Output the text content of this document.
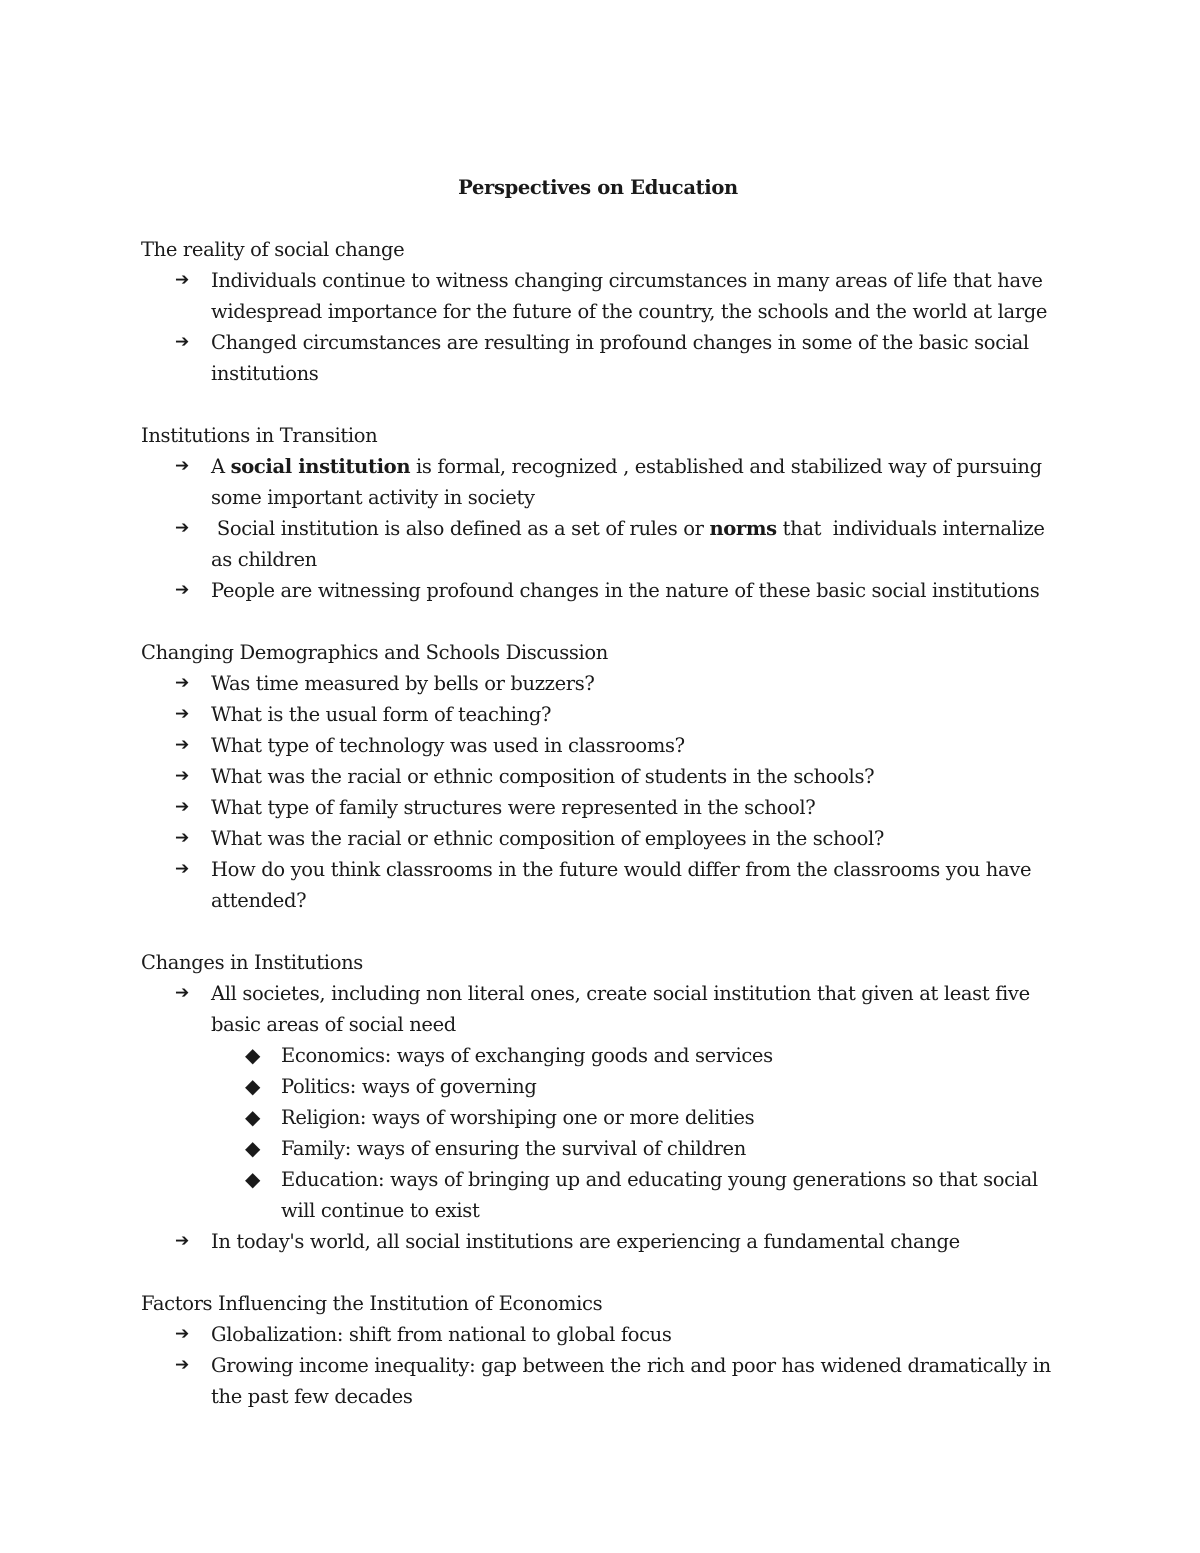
Perspectives on Education
The reality of social change
➔ Individuals continue to witness changing circumstances in many areas of life that have widespread importance for the future of the country, the schools and the world at large
➔ Changed circumstances are resulting in profound changes in some of the basic social institutions
Institutions in Transition
➔ A social institution is formal, recognized , established and stabilized way of pursuing some important activity in society
➔ Social institution is also defined as a set of rules or norms that  individuals internalize as children
➔ People are witnessing profound changes in the nature of these basic social institutions
Changing Demographics and Schools Discussion
➔ Was time measured by bells or buzzers?
➔ What is the usual form of teaching?
➔ What type of technology was used in classrooms?
➔ What was the racial or ethnic composition of students in the schools?
➔ What type of family structures were represented in the school?
➔ What was the racial or ethnic composition of employees in the school?
➔ How do you think classrooms in the future would differ from the classrooms you have attended?
Changes in Institutions
➔ All societes, including non literal ones, create social institution that given at least five basic areas of social need
◆ Economics: ways of exchanging goods and services
◆ Politics: ways of governing
◆ Religion: ways of worshiping one or more delities
◆ Family: ways of ensuring the survival of children
◆ Education: ways of bringing up and educating young generations so that social will continue to exist
➔ In today's world, all social institutions are experiencing a fundamental change
Factors Influencing the Institution of Economics
➔ Globalization: shift from national to global focus
➔ Growing income inequality: gap between the rich and poor has widened dramatically in the past few decades
